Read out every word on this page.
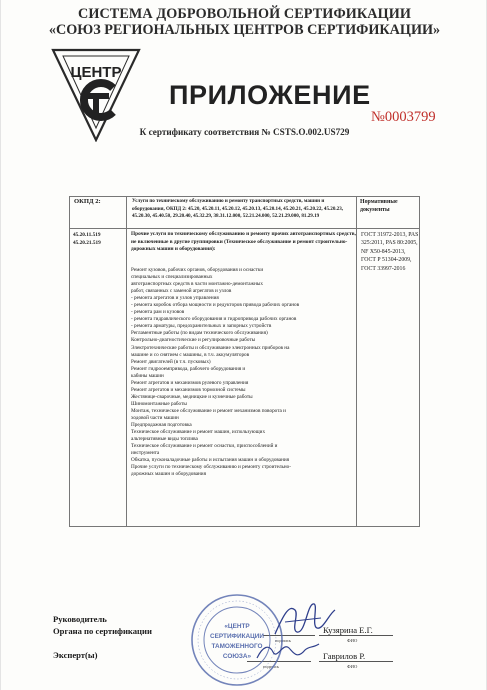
СИСТЕМА ДОБРОВОЛЬНОЙ СЕРТИФИКАЦИИ
«СОЮЗ РЕГИОНАЛЬНЫХ ЦЕНТРОВ СЕРТИФИКАЦИИ»
ЦЕНТР
ПРИЛОЖЕНИЕ
№0003799
К сертификату соответствия № CSTS.O.002.US729
ОКПД 2:	Услуги по техническому обслуживанию и ремонту транспортных средств, машин и оборудования, ОКПД 2: 45.20, 45.20.11, 45.20.12, 45.20.13, 45.20.14, 45.20.21, 45.20.22, 45.20.23, 45.20.30, 45.40.50, 29.20.40, 45.32.29, 38.31.12.000, 52.21.24.000, 52.21.29.000, 81.29.19
Нормативные документы
45.20.11.519
45.20.21.519
Прочие услуги по техническому обслуживанию и ремонту прочих автотранспортных средств, не включенные в другие группировки (Техническое обслуживание и ремонт строительно-дорожных машин и оборудования):
Ремонт кузовов, рабочих органов, оборудования и оснастки
специальных и специализированных
автотранспортных средств в части монтажно-демонтажных
работ, связанных с заменой агрегатов и узлов
- ремонта агрегатов и узлов управления
- ремонта коробок отбора мощности и редукторов привода рабочих органов
- ремонта рам и кузовов
- ремонта гидравлического оборудования и гидропривода рабочих органов
- ремонта арматуры, предохранительных и запорных устройств
Регламентные работы (по видам технического обслуживания)
Контрольно-диагностические и регулировочные работы
Электротехнические работы и обслуживание электронных приборов на
машине и со снятием с машины, в т.ч. аккумуляторов
Ремонт двигателей (в т.ч. пусковых)
Ремонт гидрооемпривода, рабочего оборудования и
кабины машин
Ремонт агрегатов и механизмов рулевого управления
Ремонт агрегатов и механизмов тормозной системы
Жестянице-сварочные, медницкие и кузнечные работы
Шиномонтажные работы
Монтаж, техническое обслуживание и ремонт механизмов поворота и
ходовой части машин
Предпродажная подготовка
Техническое обслуживание и ремонт машин, использующих
альтернативные виды топлива
Техническое обслуживание и ремонт оснастки, приспособлений и
инструмента
Обкатка, пусконаладочные работы и испытания машин и оборудования
Прочие услуги по техническому обслуживанию и ремонту строительно-
дорожных машин и оборудования
ГОСТ 31972-2013, PAS 325:2011, PAS 80:2005, NF X50-845-2013, ГОСТ Р 51304-2009, ГОСТ 33997-2016
Руководитель
Органа по сертификации
Эксперт(ы)
подпись
Кузярина Е.Г.
ФИО
подпись
Гаврилов Р.
ФИО
«ЦЕНТР
СЕРТИФИКАЦИИ
ТАМОЖЕННОГО
СОЮЗА»
